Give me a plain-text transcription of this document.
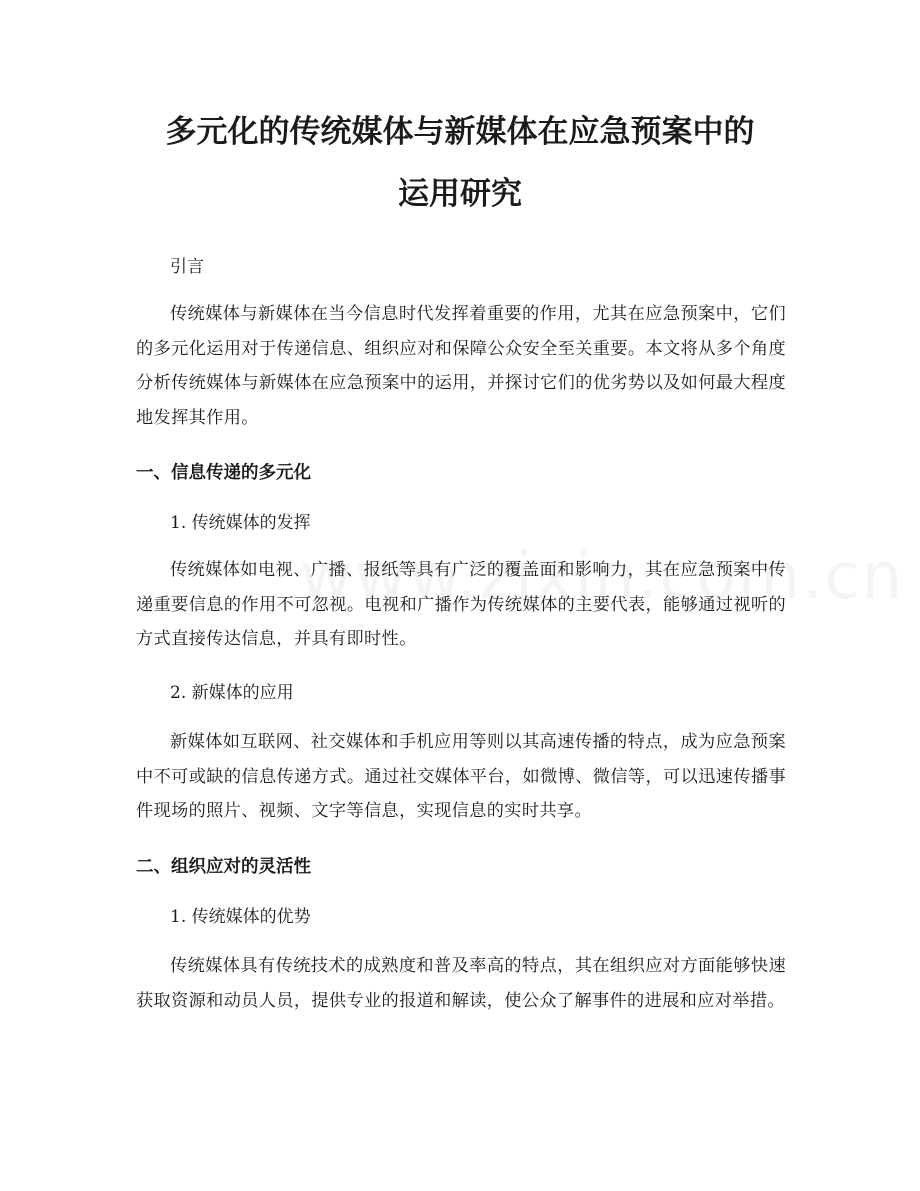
多元化的传统媒体与新媒体在应急预案中的
运用研究

引言

传统媒体与新媒体在当今信息时代发挥着重要的作用，尤其在应急预案中，它们的多元化运用对于传递信息、组织应对和保障公众安全至关重要。本文将从多个角度分析传统媒体与新媒体在应急预案中的运用，并探讨它们的优劣势以及如何最大程度地发挥其作用。

一、信息传递的多元化

1. 传统媒体的发挥

传统媒体如电视、广播、报纸等具有广泛的覆盖面和影响力，其在应急预案中传递重要信息的作用不可忽视。电视和广播作为传统媒体的主要代表，能够通过视听的方式直接传达信息，并具有即时性。

2. 新媒体的应用

新媒体如互联网、社交媒体和手机应用等则以其高速传播的特点，成为应急预案中不可或缺的信息传递方式。通过社交媒体平台，如微博、微信等，可以迅速传播事件现场的照片、视频、文字等信息，实现信息的实时共享。

二、组织应对的灵活性

1. 传统媒体的优势

传统媒体具有传统技术的成熟度和普及率高的特点，其在组织应对方面能够快速获取资源和动员人员，提供专业的报道和解读，使公众了解事件的进展和应对举措。
